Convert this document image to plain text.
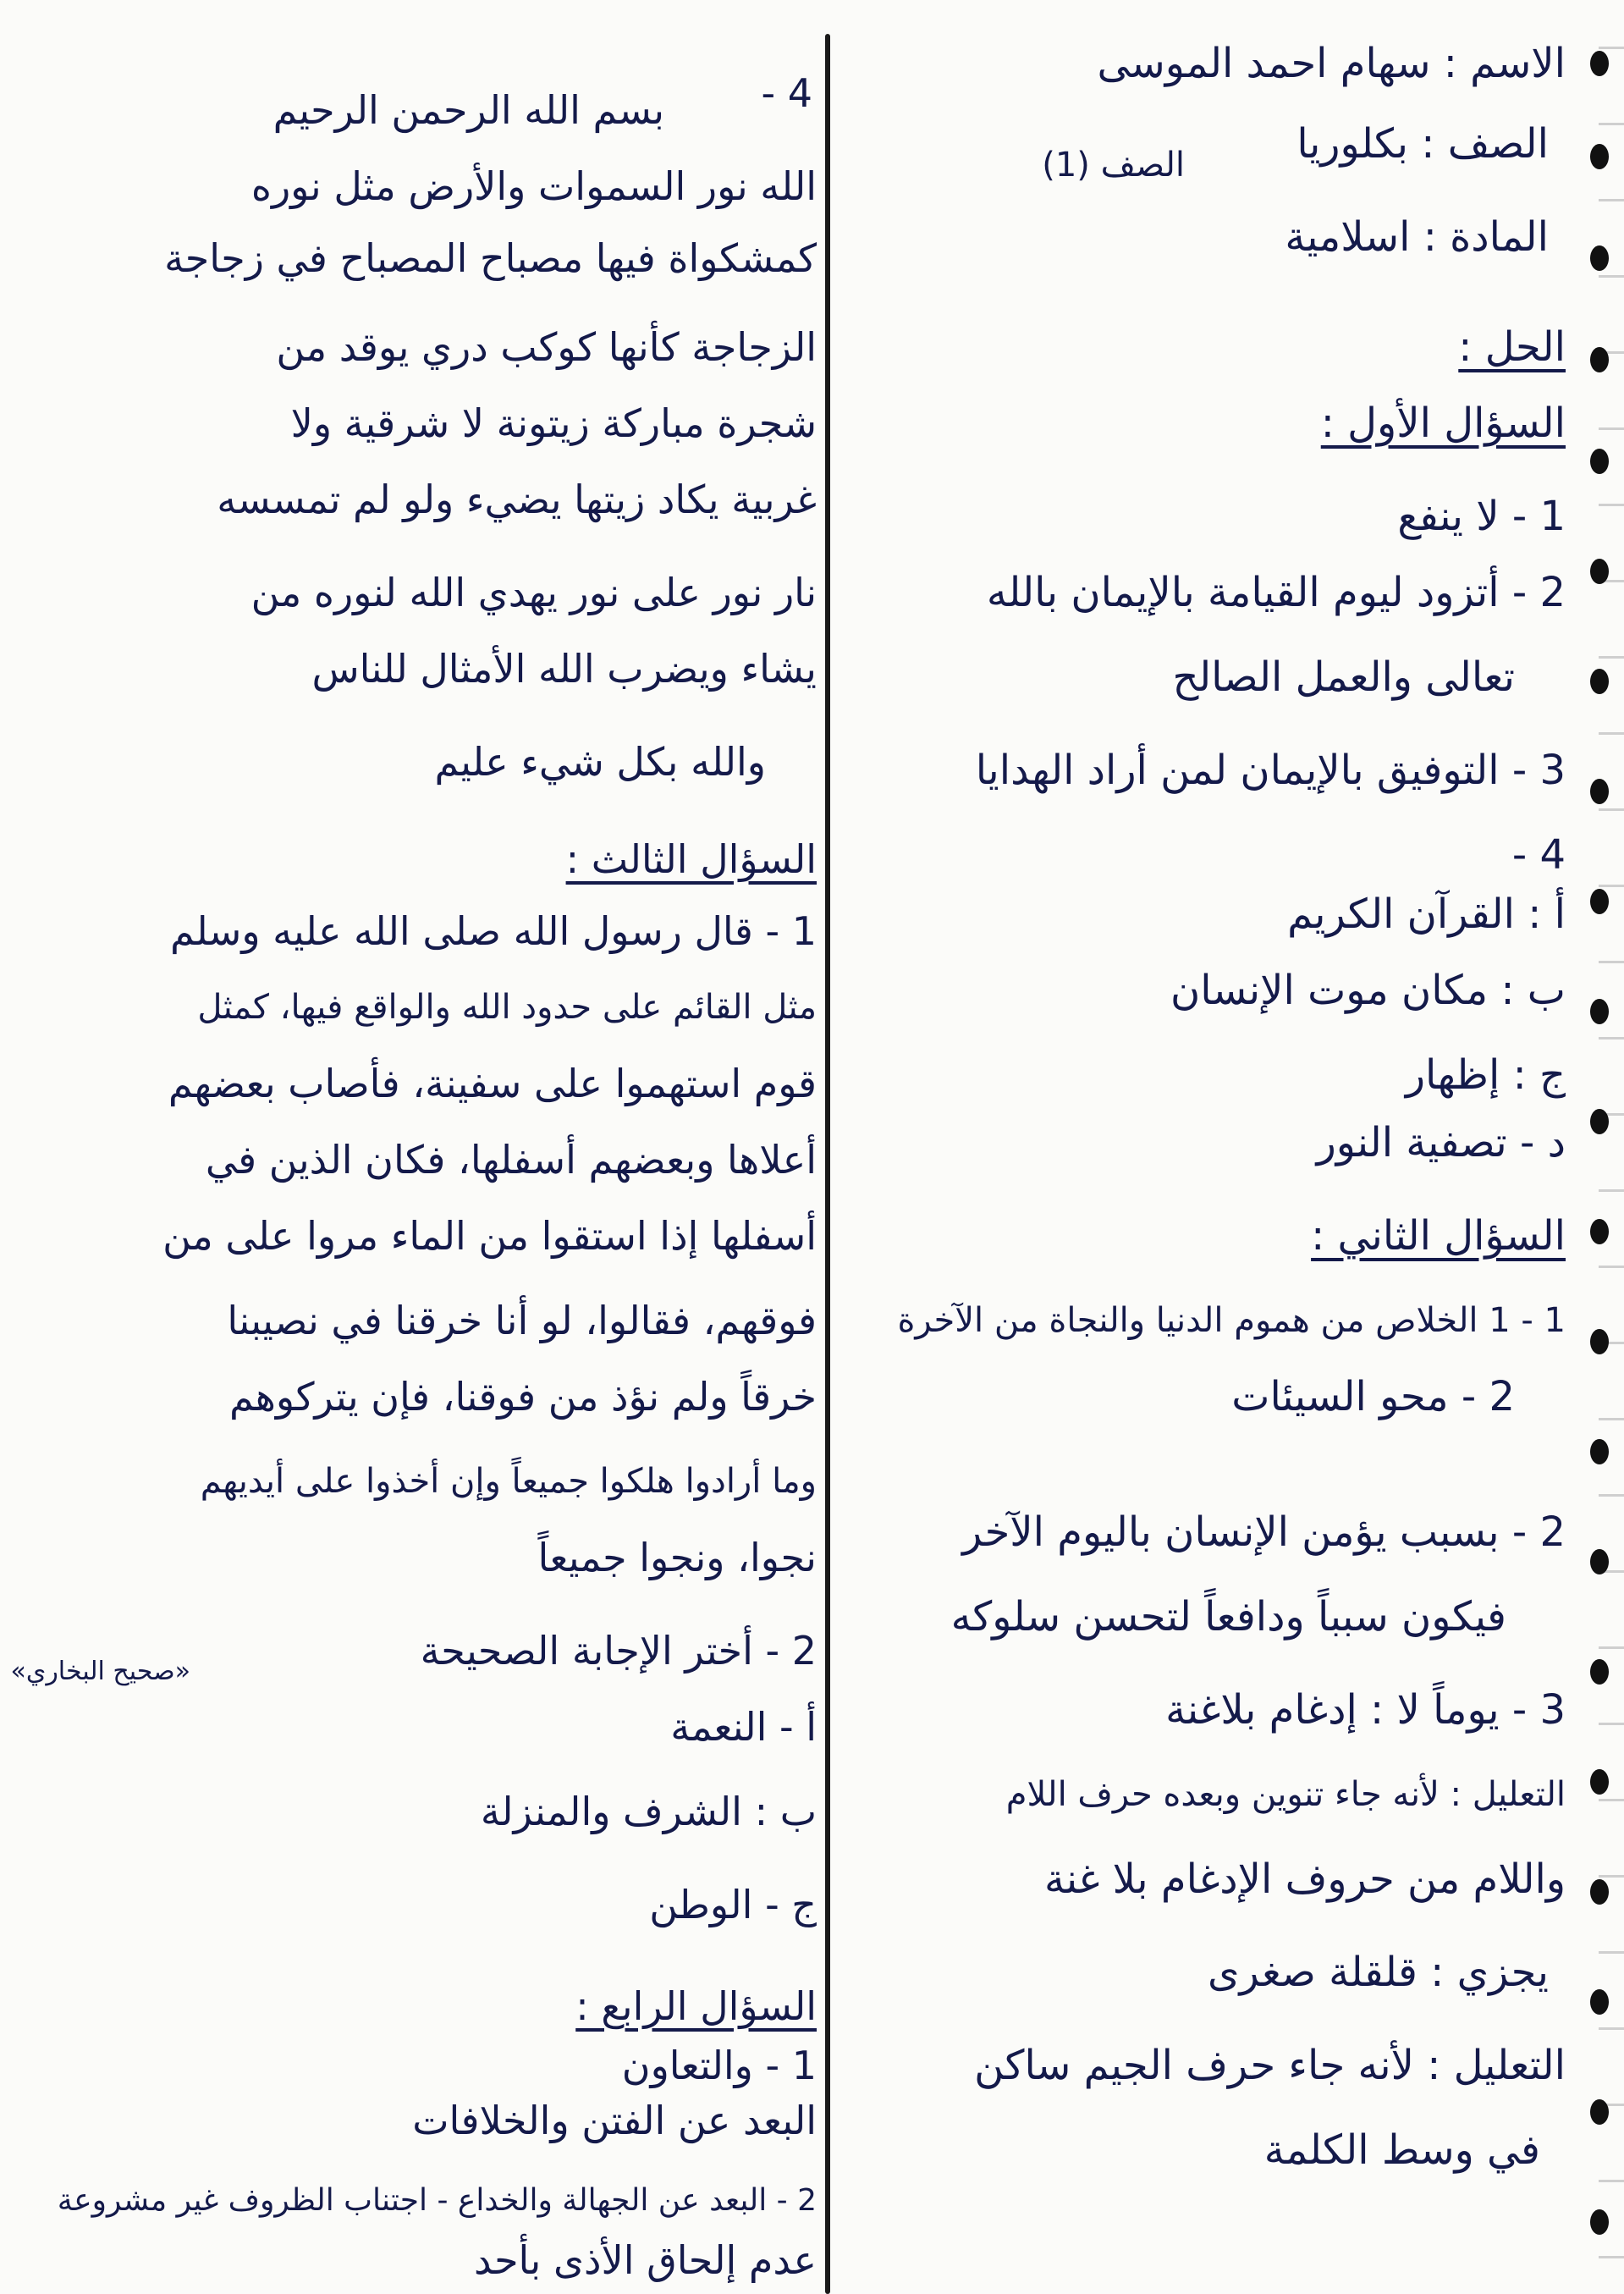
الاسم : سهام احمد الموسى
الصف : بكلوريا
الصف (1)
المادة : اسلامية
الحل :
السؤال الأول :
1 - لا ينفع
2 - أتزود ليوم القيامة بالإيمان بالله
تعالى والعمل الصالح
3 - التوفيق بالإيمان لمن أراد الهدايا
4 -
أ : القرآن الكريم
ب : مكان موت الإنسان
ج : إظهار
د - تصفية النور
السؤال الثاني :
1 - 1 الخلاص من هموم الدنيا والنجاة من الآخرة
2 - محو السيئات
2 - بسبب يؤمن الإنسان باليوم الآخر
فيكون سبباً ودافعاً لتحسن سلوكه
3 - يوماً لا : إدغام بلاغنة
التعليل : لأنه جاء تنوين وبعده حرف اللام
واللام من حروف الإدغام بلا غنة
يجزي : قلقلة صغرى
التعليل : لأنه جاء حرف الجيم ساكن
في وسط الكلمة
4 -
بسم الله الرحمن الرحيم
الله نور السموات والأرض مثل نوره
كمشكواة فيها مصباح المصباح في زجاجة
الزجاجة كأنها كوكب دري يوقد من
شجرة مباركة زيتونة لا شرقية ولا
غربية يكاد زيتها يضيء ولو لم تمسسه
نار نور على نور يهدي الله لنوره من
يشاء ويضرب الله الأمثال للناس
والله بكل شيء عليم
السؤال الثالث :
1 - قال رسول الله صلى الله عليه وسلم
مثل القائم على حدود الله والواقع فيها، كمثل
قوم استهموا على سفينة، فأصاب بعضهم
أعلاها وبعضهم أسفلها، فكان الذين في
أسفلها إذا استقوا من الماء مروا على من
فوقهم، فقالوا، لو أنا خرقنا في نصيبنا
خرقاً ولم نؤذ من فوقنا، فإن يتركوهم
وما أرادوا هلكوا جميعاً وإن أخذوا على أيديهم
نجوا، ونجوا جميعاً
«صحيح البخاري»	2 - أختر الإجابة الصحيحة
أ - النعمة
ب : الشرف والمنزلة
ج - الوطن
السؤال الرابع :
1 - والتعاون
البعد عن الفتن والخلافات
2 - البعد عن الجهالة والخداع - اجتناب الظروف غير مشروعة
عدم إلحاق الأذى بأحد
